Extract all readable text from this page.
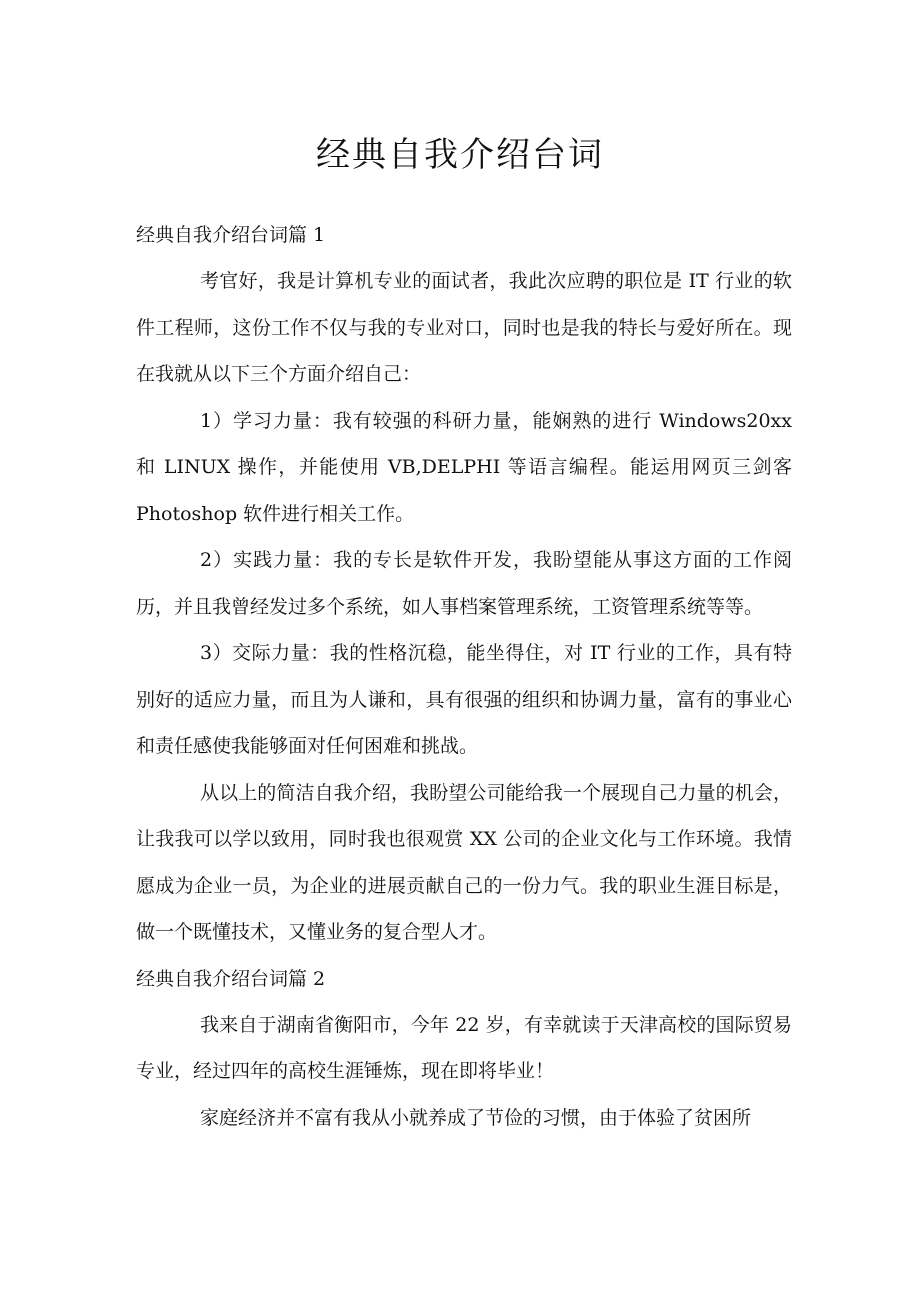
经典自我介绍台词

经典自我介绍台词篇 1

考官好，我是计算机专业的面试者，我此次应聘的职位是 IT 行业的软件工程师，这份工作不仅与我的专业对口，同时也是我的特长与爱好所在。现在我就从以下三个方面介绍自己：

1）学习力量：我有较强的科研力量，能娴熟的进行 Windows20xx 和 LINUX 操作，并能使用 VB,DELPHI 等语言编程。能运用网页三剑客 Photoshop 软件进行相关工作。

2）实践力量：我的专长是软件开发，我盼望能从事这方面的工作阅历，并且我曾经发过多个系统，如人事档案管理系统，工资管理系统等等。

3）交际力量：我的性格沉稳，能坐得住，对 IT 行业的工作，具有特别好的适应力量，而且为人谦和，具有很强的组织和协调力量，富有的事业心和责任感使我能够面对任何困难和挑战。

从以上的简洁自我介绍，我盼望公司能给我一个展现自己力量的机会，让我我可以学以致用，同时我也很观赏 XX 公司的企业文化与工作环境。我情愿成为企业一员，为企业的进展贡献自己的一份力气。我的职业生涯目标是，做一个既懂技术，又懂业务的复合型人才。

经典自我介绍台词篇 2

我来自于湖南省衡阳市，今年 22 岁，有幸就读于天津高校的国际贸易专业，经过四年的高校生涯锤炼，现在即将毕业！

家庭经济并不富有我从小就养成了节俭的习惯，由于体验了贫困所
